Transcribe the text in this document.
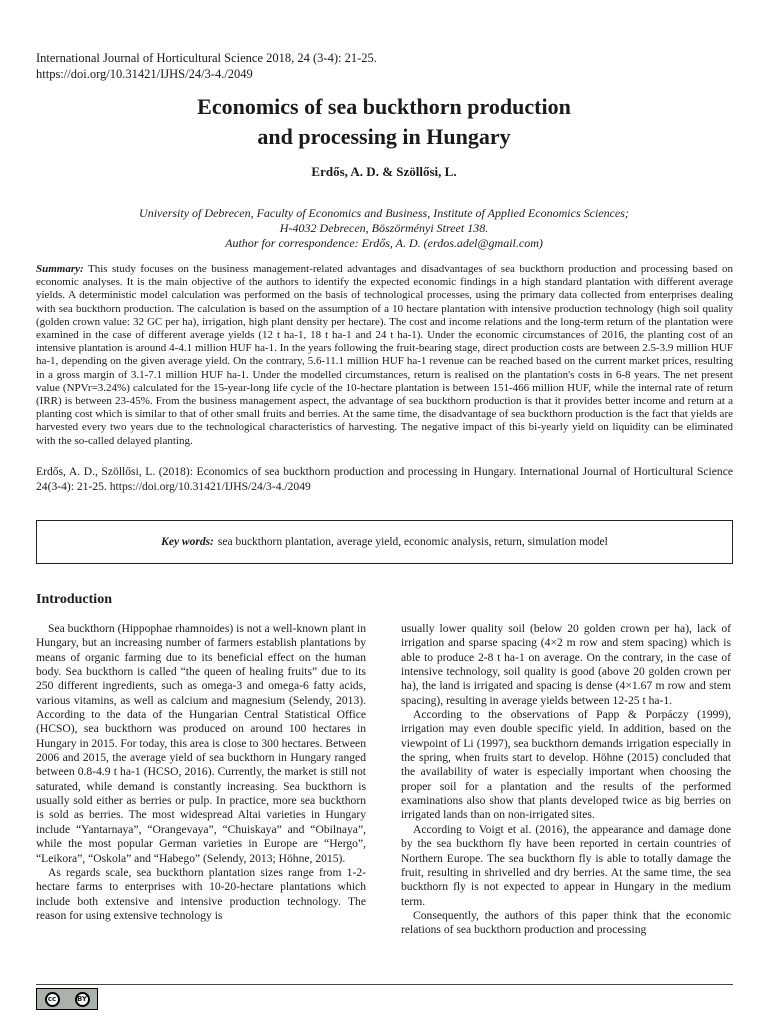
International Journal of Horticultural Science 2018, 24 (3-4): 21-25.
https://doi.org/10.31421/IJHS/24/3-4./2049
Economics of sea buckthorn production
and processing in Hungary
Erdős, A. D. & Szöllősi, L.
University of Debrecen, Faculty of Economics and Business, Institute of Applied Economics Sciences;
H-4032 Debrecen, Böszörményi Street 138.
Author for correspondence: Erdős, A. D. (erdos.adel@gmail.com)
Summary: This study focuses on the business management-related advantages and disadvantages of sea buckthorn production and processing based on economic analyses. It is the main objective of the authors to identify the expected economic findings in a high standard plantation with different average yields. A deterministic model calculation was performed on the basis of technological processes, using the primary data collected from enterprises dealing with sea buckthorn production. The calculation is based on the assumption of a 10 hectare plantation with intensive production technology (high soil quality (golden crown value: 32 GC per ha), irrigation, high plant density per hectare). The cost and income relations and the long-term return of the plantation were examined in the case of different average yields (12 t ha-1, 18 t ha-1 and 24 t ha-1). Under the economic circumstances of 2016, the planting cost of an intensive plantation is around 4-4.1 million HUF ha-1. In the years following the fruit-bearing stage, direct production costs are between 2.5-3.9 million HUF ha-1, depending on the given average yield. On the contrary, 5.6-11.1 million HUF ha-1 revenue can be reached based on the current market prices, resulting in a gross margin of 3.1-7.1 million HUF ha-1. Under the modelled circumstances, return is realised on the plantation's costs in 6-8 years. The net present value (NPVr=3.24%) calculated for the 15-year-long life cycle of the 10-hectare plantation is between 151-466 million HUF, while the internal rate of return (IRR) is between 23-45%. From the business management aspect, the advantage of sea buckthorn production is that it provides better income and return at a planting cost which is similar to that of other small fruits and berries. At the same time, the disadvantage of sea buckthorn production is the fact that yields are harvested every two years due to the technological characteristics of harvesting. The negative impact of this bi-yearly yield on liquidity can be eliminated with the so-called delayed planting.
Erdős, A. D., Szöllősi, L. (2018): Economics of sea buckthorn production and processing in Hungary. International Journal of Horticultural Science 24(3-4): 21-25. https://doi.org/10.31421/IJHS/24/3-4./2049
Key words: sea buckthorn plantation, average yield, economic analysis, return, simulation model
Introduction

Sea buckthorn (Hippophae rhamnoides) is not a well-known plant in Hungary, but an increasing number of farmers establish plantations by means of organic farming due to its beneficial effect on the human body. Sea buckthorn is called “the queen of healing fruits” due to its 250 different ingredients, such as omega-3 and omega-6 fatty acids, various vitamins, as well as calcium and magnesium (Selendy, 2013). According to the data of the Hungarian Central Statistical Office (HCSO), sea buckthorn was produced on around 100 hectares in Hungary in 2015. For today, this area is close to 300 hectares. Between 2006 and 2015, the average yield of sea buckthorn in Hungary ranged between 0.8-4.9 t ha-1 (HCSO, 2016). Currently, the market is still not saturated, while demand is constantly increasing. Sea buckthorn is usually sold either as berries or pulp. In practice, more sea buckthorn is sold as berries. The most widespread Altai varieties in Hungary include “Yantarnaya”, “Orangevaya”, “Chuiskaya” and “Obilnaya”, while the most popular German varieties in Europe are “Hergo”, “Leikora”, “Oskola” and “Habego” (Selendy, 2013; Höhne, 2015).

As regards scale, sea buckthorn plantation sizes range from 1-2-hectare farms to enterprises with 10-20-hectare plantations which include both extensive and intensive production technology. The reason for using extensive technology is

usually lower quality soil (below 20 golden crown per ha), lack of irrigation and sparse spacing (4×2 m row and stem spacing) which is able to produce 2-8 t ha-1 on average. On the contrary, in the case of intensive technology, soil quality is good (above 20 golden crown per ha), the land is irrigated and spacing is dense (4×1.67 m row and stem spacing), resulting in average yields between 12-25 t ha-1.

According to the observations of Papp & Porpáczy (1999), irrigation may even double specific yield. In addition, based on the viewpoint of Li (1997), sea buckthorn demands irrigation especially in the spring, when fruits start to develop. Höhne (2015) concluded that the availability of water is especially important when choosing the proper soil for a plantation and the results of the performed examinations also show that plants developed twice as big berries on irrigated lands than on non-irrigated sites.

According to Voigt et al. (2016), the appearance and damage done by the sea buckthorn fly have been reported in certain countries of Northern Europe. The sea buckthorn fly is able to totally damage the fruit, resulting in shrivelled and dry berries. At the same time, the sea buckthorn fly is not expected to appear in Hungary in the medium term.

Consequently, the authors of this paper think that the economic relations of sea buckthorn production and processing

cc	BY
